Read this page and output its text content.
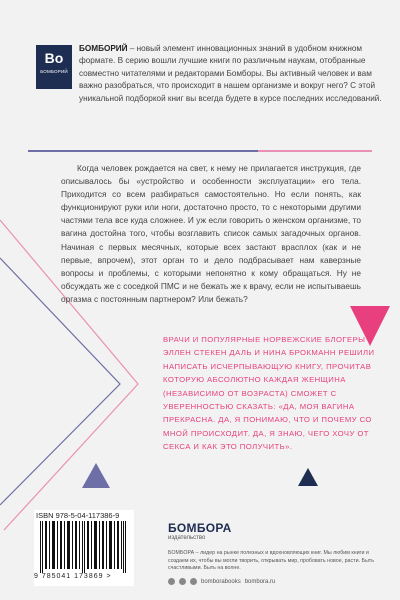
Bo
БОМБОРИЙ
БОМБОРИЙ – новый элемент инновационных знаний в удобном книжном формате. В серию вошли лучшие книги по различным наукам, отобранные совместно читателями и редакторами Бомборы. Вы активный человек и вам важно разобраться, что происходит в нашем организме и вокруг него? С этой уникальной подборкой книг вы всегда будете в курсе последних исследований.
Когда человек рождается на свет, к нему не прилагается инструкция, где описывалось бы «устройство и особенности эксплуатации» его тела. Приходится со всем разбираться самостоятельно. Но если понять, как функционируют руки или ноги, достаточно просто, то с некоторыми другими частями тела все куда сложнее. И уж если говорить о женском организме, то вагина достойна того, чтобы возглавить список самых загадочных органов. Начиная с первых месячных, которые всех застают врасплох (как и не первые, впрочем), этот орган то и дело подбрасывает нам каверзные вопросы и проблемы, с которыми непонятно к кому обращаться. Ну не обсуждать же с соседкой ПМС и не бежать же к врачу, если не испытываешь оргазма с постоянным партнером? Или бежать?
ВРАЧИ И ПОПУЛЯРНЫЕ НОРВЕЖСКИЕ БЛОГЕРЫ ЭЛЛЕН СТЕКЕН ДАЛЬ И НИНА БРОКМАНН РЕШИЛИ НАПИСАТЬ ИСЧЕРПЫВАЮЩУЮ КНИГУ, ПРОЧИТАВ КОТОРУЮ АБСОЛЮТНО КАЖДАЯ ЖЕНЩИНА (НЕЗАВИСИМО ОТ ВОЗРАСТА) СМОЖЕТ С УВЕРЕННОСТЬЮ СКАЗАТЬ: «ДА, МОЯ ВАГИНА ПРЕКРАСНА. ДА, Я ПОНИМАЮ, ЧТО И ПОЧЕМУ СО МНОЙ ПРОИСХОДИТ. ДА, Я ЗНАЮ, ЧЕГО ХОЧУ ОТ СЕКСА И КАК ЭТО ПОЛУЧИТЬ».
ISBN 978-5-04-117386-9
9 785041 173869 >
БОМБОРА
издательство
БОМБОРА – лидер на рынке полезных и вдохновляющих книг. Мы любим книги и создаем их, чтобы вы могли творить, открывать мир, пробовать новое, расти. Быть счастливыми. Быть на волне.
bomborabooks bombora.ru
